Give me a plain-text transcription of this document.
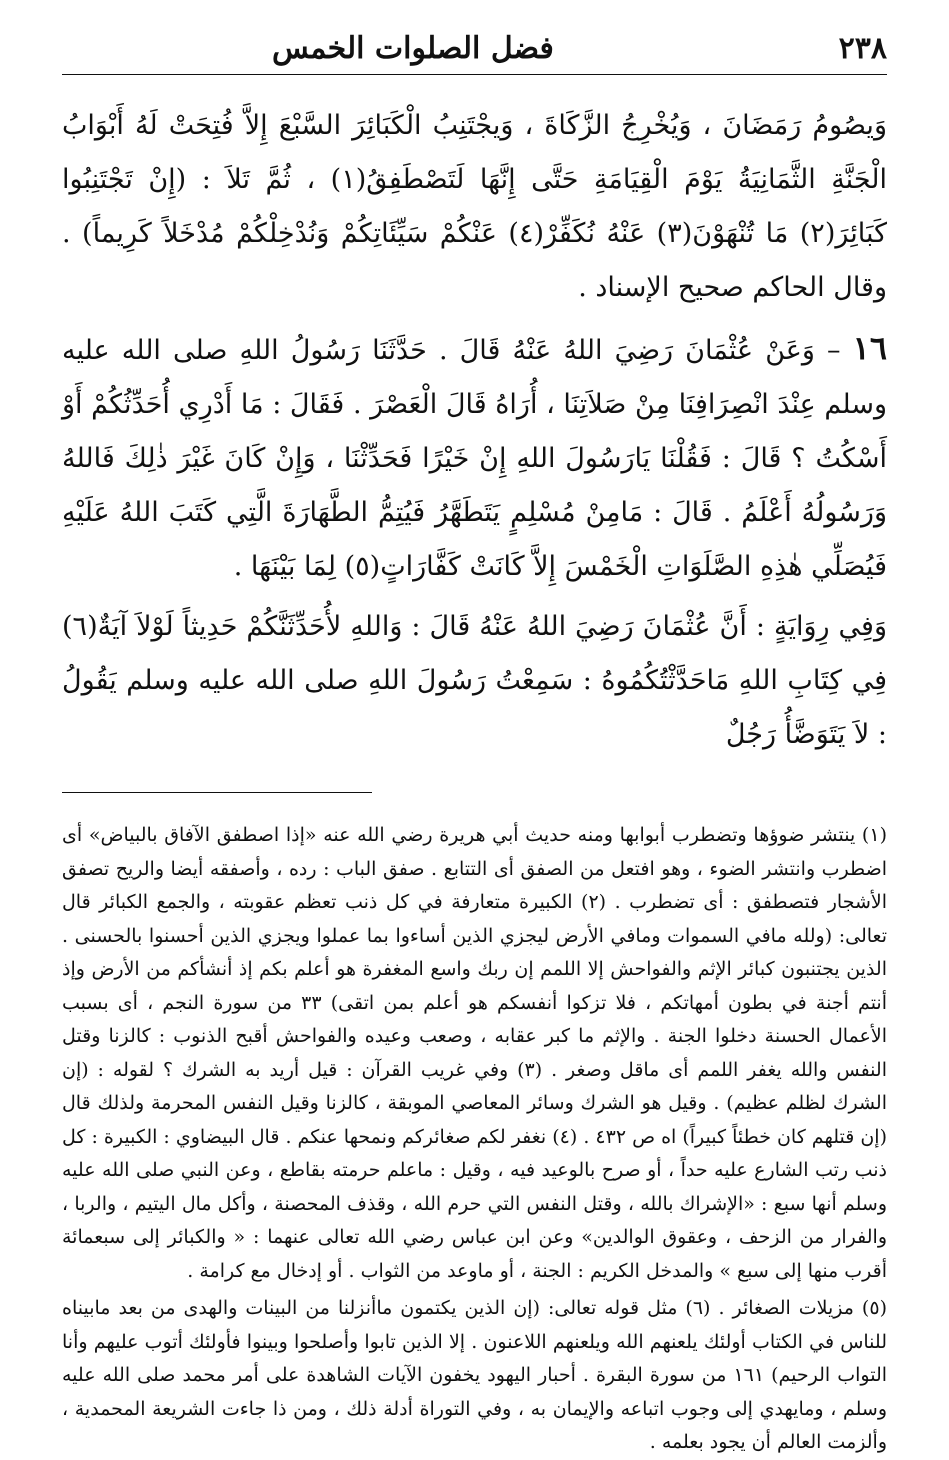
٢٣٨
فضل الصلوات الخمس

وَيصُومُ رَمَضَانَ ، وَيُخْرِجُ الزَّكَاةَ ، وَيجْتَنِبُ الْكَبَائِرَ السَّبْعَ إِلاَّ فُتِحَتْ لَهُ أَبْوَابُ الْجَنَّةِ الثَّمَانِيَةُ يَوْمَ الْقِيَامَةِ حَتَّى إِنَّهَا لَتَصْطَفِقُ(١) ، ثُمَّ تَلاَ : (إِنْ تَجْتَنِبُوا كَبَائِرَ(٢) مَا تُنْهَوْنَ(٣) عَنْهُ نُكَفِّرْ(٤) عَنْكُمْ سَيِّئَاتِكُمْ وَنُدْخِلْكُمْ مُدْخَلاً كَرِيماً) . وقال الحاكم صحيح الإسناد .

١٦ – وَعَنْ عُثْمَانَ رَضِيَ اللهُ عَنْهُ قَالَ . حَدَّثَنَا رَسُولُ اللهِ صلى الله عليه وسلم عِنْدَ انْصِرَافِنَا مِنْ صَلاَتِنَا ، أُرَاهُ قَالَ الْعَصْرَ . فَقَالَ : مَا أَدْرِي أُحَدِّثُكُمْ أَوْ أَسْكُتُ ؟ قَالَ : فَقُلْنَا يَارَسُولَ اللهِ إِنْ خَيْرًا فَحَدِّثْنَا ، وَإِنْ كَانَ غَيْرَ ذٰلِكَ فَاللهُ وَرَسُولُهُ أَعْلَمُ . قَالَ : مَامِنْ مُسْلِمٍ يَتَطَهَّرُ فَيُتِمُّ الطَّهَارَةَ الَّتِي كَتَبَ اللهُ عَلَيْهِ فَيُصَلِّي هٰذِهِ الصَّلَوَاتِ الْخَمْسَ إِلاَّ كَانَتْ كَفَّارَاتٍ(٥) لِمَا بَيْنَهَا .

وَفِي رِوَايَةٍ : أَنَّ عُثْمَانَ رَضِيَ اللهُ عَنْهُ قَالَ : وَاللهِ لأُحَدِّثَنَّكُمْ حَدِيثاً لَوْلاَ آيَةٌ(٦) فِي كِتَابِ اللهِ مَاحَدَّثْتُكُمُوهُ : سَمِعْتُ رَسُولَ اللهِ صلى الله عليه وسلم يَقُولُ : لاَ يَتَوَضَّأُ رَجُلٌ

(١) ينتشر ضوؤها وتضطرب أبوابها ومنه حديث أبي هريرة رضي الله عنه «إذا اصطفق الآفاق بالبياض» أى اضطرب وانتشر الضوء ، وهو افتعل من الصفق أى التتابع . صفق الباب : رده ، وأصفقه أيضا والريح تصفق الأشجار فتصطفق : أى تضطرب . (٢) الكبيرة متعارفة في كل ذنب تعظم عقوبته ، والجمع الكبائر قال تعالى: (ولله مافي السموات ومافي الأرض ليجزي الذين أساءوا بما عملوا ويجزي الذين أحسنوا بالحسنى . الذين يجتنبون كبائر الإثم والفواحش إلا اللمم إن ربك واسع المغفرة هو أعلم بكم إذ أنشأكم من الأرض وإذ أنتم أجنة في بطون أمهاتكم ، فلا تزكوا أنفسكم هو أعلم بمن اتقى) ٣٣ من سورة النجم ، أى بسبب الأعمال الحسنة دخلوا الجنة . والإثم ما كبر عقابه ، وصعب وعيده والفواحش أقبح الذنوب : كالزنا وقتل النفس والله يغفر اللمم أى ماقل وصغر . (٣) وفي غريب القرآن : قيل أريد به الشرك ؟ لقوله : (إن الشرك لظلم عظيم) . وقيل هو الشرك وسائر المعاصي الموبقة ، كالزنا وقيل النفس المحرمة ولذلك قال (إن قتلهم كان خطئاً كبيراً) اه ص ٤٣٢ . (٤) نغفر لكم صغائركم ونمحها عنكم . قال البيضاوي : الكبيرة : كل ذنب رتب الشارع عليه حداً ، أو صرح بالوعيد فيه ، وقيل : ماعلم حرمته بقاطع ، وعن النبي صلى الله عليه وسلم أنها سبع : «الإشراك بالله ، وقتل النفس التي حرم الله ، وقذف المحصنة ، وأكل مال اليتيم ، والربا ، والفرار من الزحف ، وعقوق الوالدين» وعن ابن عباس رضي الله تعالى عنهما : « والكبائر إلى سبعمائة أقرب منها إلى سبع » والمدخل الكريم : الجنة ، أو ماوعد من الثواب . أو إدخال مع كرامة .

(٥) مزيلات الصغائر . (٦) مثل قوله تعالى: (إن الذين يكتمون ماأنزلنا من البينات والهدى من بعد مابيناه للناس في الكتاب أولئك يلعنهم الله ويلعنهم اللاعنون . إلا الذين تابوا وأصلحوا وبينوا فأولئك أتوب عليهم وأنا التواب الرحيم) ١٦١ من سورة البقرة . أحبار اليهود يخفون الآيات الشاهدة على أمر محمد صلى الله عليه وسلم ، ومايهدي إلى وجوب اتباعه والإيمان به ، وفي التوراة أدلة ذلك ، ومن ذا جاءت الشريعة المحمدية ، وألزمت العالم أن يجود بعلمه .
